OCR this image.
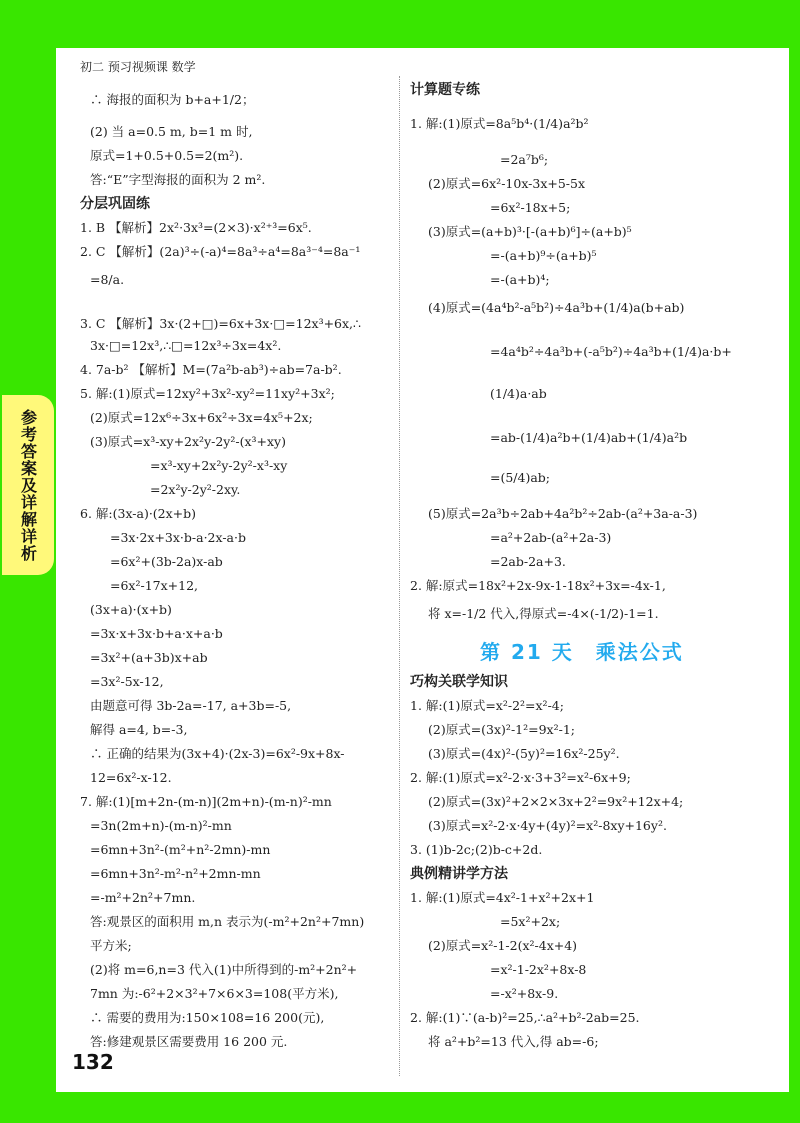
参考答案及详解详析
初二 预习视频课 数学
∴ 海报的面积为 b+a+1/2；
(2) 当 a=0.5 m, b=1 m 时,
原式=1+0.5+0.5=2(m²).
答:“E”字型海报的面积为 2 m².
分层巩固练
1. B 【解析】2x²·3x³=(2×3)·x²⁺³=6x⁵.
2. C 【解析】(2a)³÷(-a)⁴=8a³÷a⁴=8a³⁻⁴=8a⁻¹
=8/a.
3. C 【解析】3x·(2+□)=6x+3x·□=12x³+6x,∴
3x·□=12x³,∴□=12x³÷3x=4x².
4. 7a-b² 【解析】M=(7a²b-ab³)÷ab=7a-b².
5. 解:(1)原式=12xy²+3x²-xy²=11xy²+3x²;
(2)原式=12x⁶÷3x+6x²÷3x=4x⁵+2x;
(3)原式=x³-xy+2x²y-2y²-(x³+xy)
=x³-xy+2x²y-2y²-x³-xy
=2x²y-2y²-2xy.
6. 解:(3x-a)·(2x+b)
=3x·2x+3x·b-a·2x-a·b
=6x²+(3b-2a)x-ab
=6x²-17x+12,
(3x+a)·(x+b)
=3x·x+3x·b+a·x+a·b
=3x²+(a+3b)x+ab
=3x²-5x-12,
由题意可得 3b-2a=-17, a+3b=-5,
解得 a=4, b=-3,
∴ 正确的结果为(3x+4)·(2x-3)=6x²-9x+8x-
12=6x²-x-12.
7. 解:(1)[m+2n-(m-n)](2m+n)-(m-n)²-mn
=3n(2m+n)-(m-n)²-mn
=6mn+3n²-(m²+n²-2mn)-mn
=6mn+3n²-m²-n²+2mn-mn
=-m²+2n²+7mn.
答:观景区的面积用 m,n 表示为(-m²+2n²+7mn)
平方米;
(2)将 m=6,n=3 代入(1)中所得到的-m²+2n²+
7mn 为:-6²+2×3²+7×6×3=108(平方米),
∴ 需要的费用为:150×108=16 200(元),
答:修建观景区需要费用 16 200 元.
计算题专练
1. 解:(1)原式=8a⁵b⁴·(1/4)a²b²
=2a⁷b⁶;
(2)原式=6x²-10x-3x+5-5x
=6x²-18x+5;
(3)原式=(a+b)³·[-(a+b)⁶]÷(a+b)⁵
=-(a+b)⁹÷(a+b)⁵
=-(a+b)⁴;
(4)原式=(4a⁴b²-a⁵b²)÷4a³b+(1/4)a(b+ab)
=4a⁴b²÷4a³b+(-a⁵b²)÷4a³b+(1/4)a·b+
(1/4)a·ab
=ab-(1/4)a²b+(1/4)ab+(1/4)a²b
=(5/4)ab;
(5)原式=2a³b÷2ab+4a²b²÷2ab-(a²+3a-a-3)
=a²+2ab-(a²+2a-3)
=2ab-2a+3.
2. 解:原式=18x²+2x-9x-1-18x²+3x=-4x-1,
将 x=-1/2 代入,得原式=-4×(-1/2)-1=1.
第 21 天　乘法公式
巧构关联学知识
1. 解:(1)原式=x²-2²=x²-4;
(2)原式=(3x)²-1²=9x²-1;
(3)原式=(4x)²-(5y)²=16x²-25y².
2. 解:(1)原式=x²-2·x·3+3²=x²-6x+9;
(2)原式=(3x)²+2×2×3x+2²=9x²+12x+4;
(3)原式=x²-2·x·4y+(4y)²=x²-8xy+16y².
3. (1)b-2c;(2)b-c+2d.
典例精讲学方法
1. 解:(1)原式=4x²-1+x²+2x+1
=5x²+2x;
(2)原式=x²-1-2(x²-4x+4)
=x²-1-2x²+8x-8
=-x²+8x-9.
2. 解:(1)∵(a-b)²=25,∴a²+b²-2ab=25.
将 a²+b²=13 代入,得 ab=-6;
132
